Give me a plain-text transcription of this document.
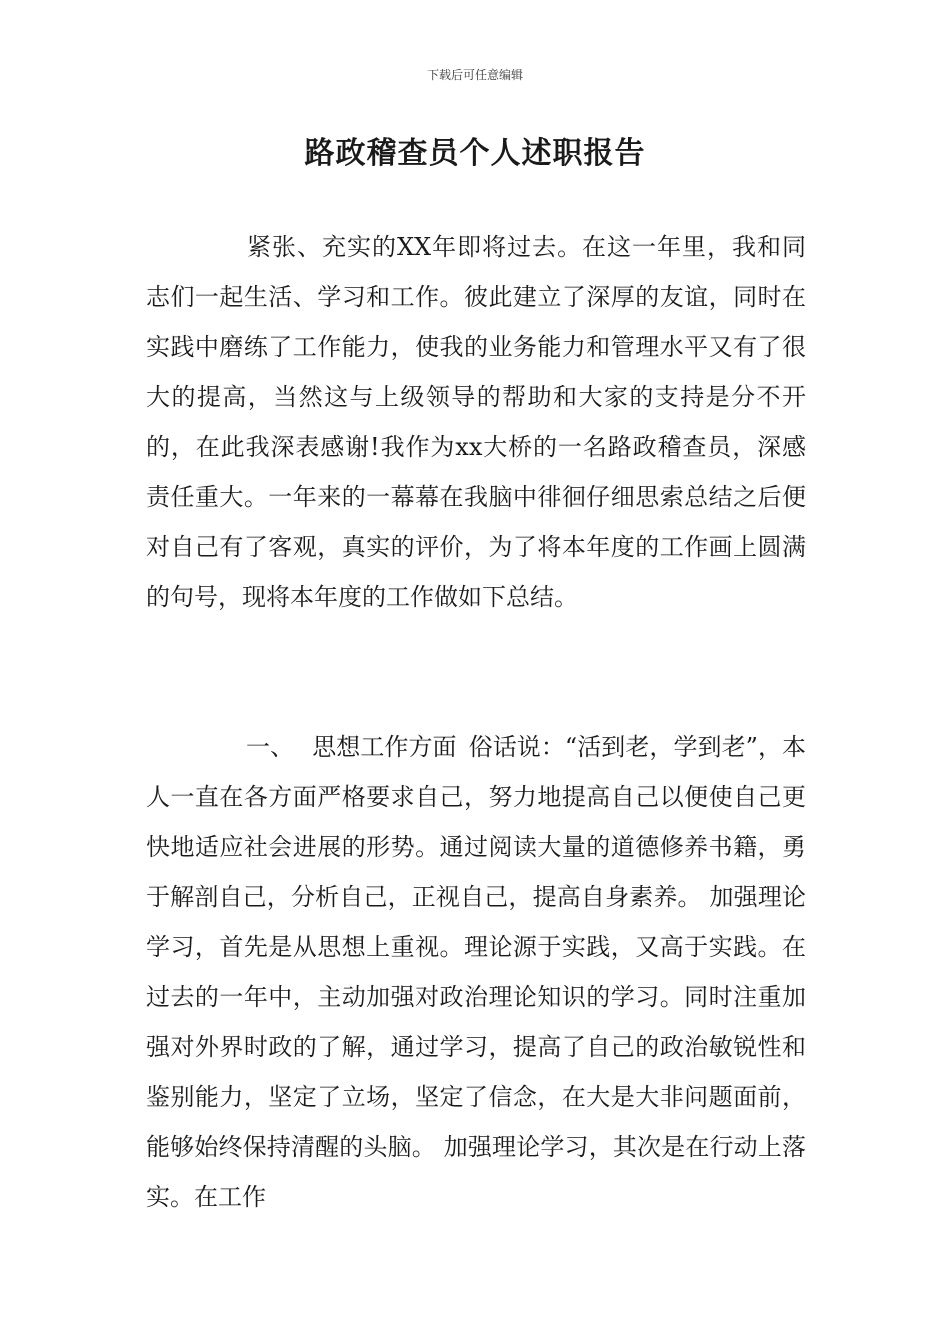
下载后可任意编辑
路政稽查员个人述职报告

紧张、充实的XX年即将过去。在这一年里，我和同志们一起生活、学习和工作。彼此建立了深厚的友谊，同时在实践中磨练了工作能力，使我的业务能力和管理水平又有了很大的提高，当然这与上级领导的帮助和大家的支持是分不开的，在此我深表感谢!我作为xx大桥的一名路政稽查员，深感责任重大。一年来的一幕幕在我脑中徘徊仔细思索总结之后便对自己有了客观，真实的评价，为了将本年度的工作画上圆满的句号，现将本年度的工作做如下总结。

一、 思想工作方面 俗话说：“活到老，学到老”，本人一直在各方面严格要求自己，努力地提高自己以便使自己更快地适应社会进展的形势。通过阅读大量的道德修养书籍，勇于解剖自己，分析自己，正视自己，提高自身素养。 加强理论学习，首先是从思想上重视。理论源于实践，又高于实践。在过去的一年中，主动加强对政治理论知识的学习。同时注重加强对外界时政的了解，通过学习，提高了自己的政治敏锐性和鉴别能力，坚定了立场，坚定了信念，在大是大非问题面前，能够始终保持清醒的头脑。 加强理论学习，其次是在行动上落实。在工作
